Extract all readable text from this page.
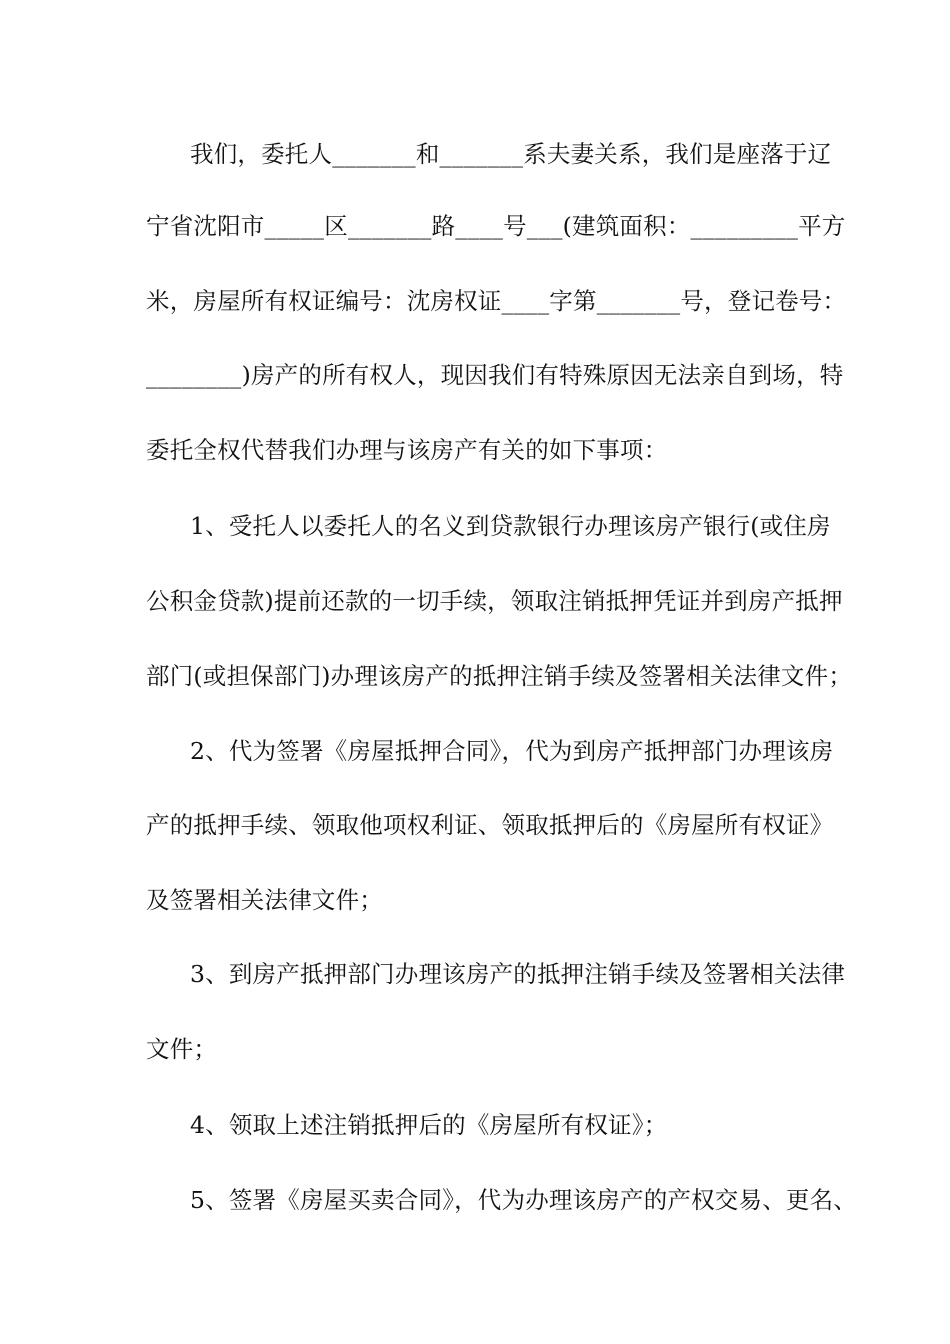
我们，委托人_______和_______系夫妻关系，我们是座落于辽
宁省沈阳市_____区_______路____号___(建筑面积：_________平方
米，房屋所有权证编号：沈房权证____字第_______号，登记卷号：
________)房产的所有权人，现因我们有特殊原因无法亲自到场，特
委托全权代替我们办理与该房产有关的如下事项：
1、受托人以委托人的名义到贷款银行办理该房产银行(或住房
公积金贷款)提前还款的一切手续，领取注销抵押凭证并到房产抵押
部门(或担保部门)办理该房产的抵押注销手续及签署相关法律文件；
2、代为签署《房屋抵押合同》，代为到房产抵押部门办理该房
产的抵押手续、领取他项权利证、领取抵押后的《房屋所有权证》
及签署相关法律文件；
3、到房产抵押部门办理该房产的抵押注销手续及签署相关法律
文件；
4、领取上述注销抵押后的《房屋所有权证》；
5、签署《房屋买卖合同》，代为办理该房产的产权交易、更名、
